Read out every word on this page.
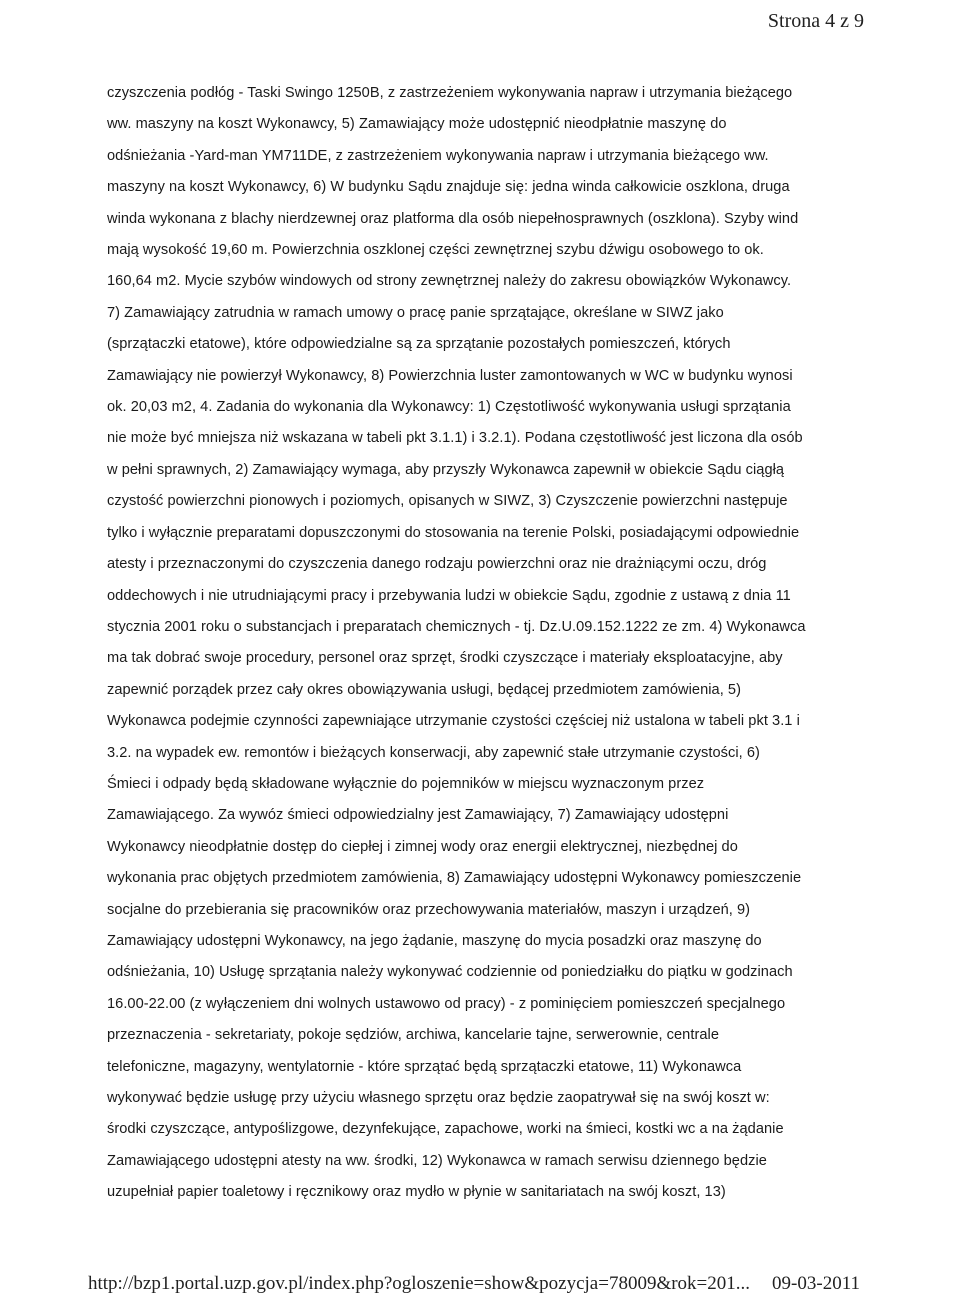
Strona 4 z 9
czyszczenia podłóg - Taski Swingo 1250B, z zastrzeżeniem wykonywania napraw i utrzymania bieżącego
ww. maszyny na koszt Wykonawcy, 5) Zamawiający może udostępnić nieodpłatnie maszynę do
odśnieżania -Yard-man YM711DE, z zastrzeżeniem wykonywania napraw i utrzymania bieżącego ww.
maszyny na koszt Wykonawcy, 6) W budynku Sądu znajduje się: jedna winda całkowicie oszklona, druga
winda wykonana z blachy nierdzewnej oraz platforma dla osób niepełnosprawnych (oszklona). Szyby wind
mają wysokość 19,60 m. Powierzchnia oszklonej części zewnętrznej szybu dźwigu osobowego to ok.
160,64 m2. Mycie szybów windowych od strony zewnętrznej należy do zakresu obowiązków Wykonawcy.
7) Zamawiający zatrudnia w ramach umowy o pracę panie sprzątające, określane w SIWZ jako
(sprzątaczki etatowe), które odpowiedzialne są za sprzątanie pozostałych pomieszczeń, których
Zamawiający nie powierzył Wykonawcy, 8) Powierzchnia luster zamontowanych w WC w budynku wynosi
ok. 20,03 m2, 4. Zadania do wykonania dla Wykonawcy: 1) Częstotliwość wykonywania usługi sprzątania
nie może być mniejsza niż wskazana w tabeli pkt 3.1.1) i 3.2.1). Podana częstotliwość jest liczona dla osób
w pełni sprawnych, 2) Zamawiający wymaga, aby przyszły Wykonawca zapewnił w obiekcie Sądu ciągłą
czystość powierzchni pionowych i poziomych, opisanych w SIWZ, 3) Czyszczenie powierzchni następuje
tylko i wyłącznie preparatami dopuszczonymi do stosowania na terenie Polski, posiadającymi odpowiednie
atesty i przeznaczonymi do czyszczenia danego rodzaju powierzchni oraz nie drażniącymi oczu, dróg
oddechowych i nie utrudniającymi pracy i przebywania ludzi w obiekcie Sądu, zgodnie z ustawą z dnia 11
stycznia 2001 roku o substancjach i preparatach chemicznych - tj. Dz.U.09.152.1222 ze zm. 4) Wykonawca
ma tak dobrać swoje procedury, personel oraz sprzęt, środki czyszczące i materiały eksploatacyjne, aby
zapewnić porządek przez cały okres obowiązywania usługi, będącej przedmiotem zamówienia, 5)
Wykonawca podejmie czynności zapewniające utrzymanie czystości częściej niż ustalona w tabeli pkt 3.1 i
3.2. na wypadek ew. remontów i bieżących konserwacji, aby zapewnić stałe utrzymanie czystości, 6)
Śmieci i odpady będą składowane wyłącznie do pojemników w miejscu wyznaczonym przez
Zamawiającego. Za wywóz śmieci odpowiedzialny jest Zamawiający, 7) Zamawiający udostępni
Wykonawcy nieodpłatnie dostęp do ciepłej i zimnej wody oraz energii elektrycznej, niezbędnej do
wykonania prac objętych przedmiotem zamówienia, 8) Zamawiający udostępni Wykonawcy pomieszczenie
socjalne do przebierania się pracowników oraz przechowywania materiałów, maszyn i urządzeń, 9)
Zamawiający udostępni Wykonawcy, na jego żądanie, maszynę do mycia posadzki oraz maszynę do
odśnieżania, 10) Usługę sprzątania należy wykonywać codziennie od poniedziałku do piątku w godzinach
16.00-22.00 (z wyłączeniem dni wolnych ustawowo od pracy) - z pominięciem pomieszczeń specjalnego
przeznaczenia - sekretariaty, pokoje sędziów, archiwa, kancelarie tajne, serwerownie, centrale
telefoniczne, magazyny, wentylatornie - które sprzątać będą sprzątaczki etatowe, 11) Wykonawca
wykonywać będzie usługę przy użyciu własnego sprzętu oraz będzie zaopatrywał się na swój koszt w:
środki czyszczące, antypoślizgowe, dezynfekujące, zapachowe, worki na śmieci, kostki wc a na żądanie
Zamawiającego udostępni atesty na ww. środki, 12) Wykonawca w ramach serwisu dziennego będzie
uzupełniał papier toaletowy i ręcznikowy oraz mydło w płynie w sanitariatach na swój koszt, 13)
http://bzp1.portal.uzp.gov.pl/index.php?ogloszenie=show&pozycja=78009&rok=201... 09-03-2011
